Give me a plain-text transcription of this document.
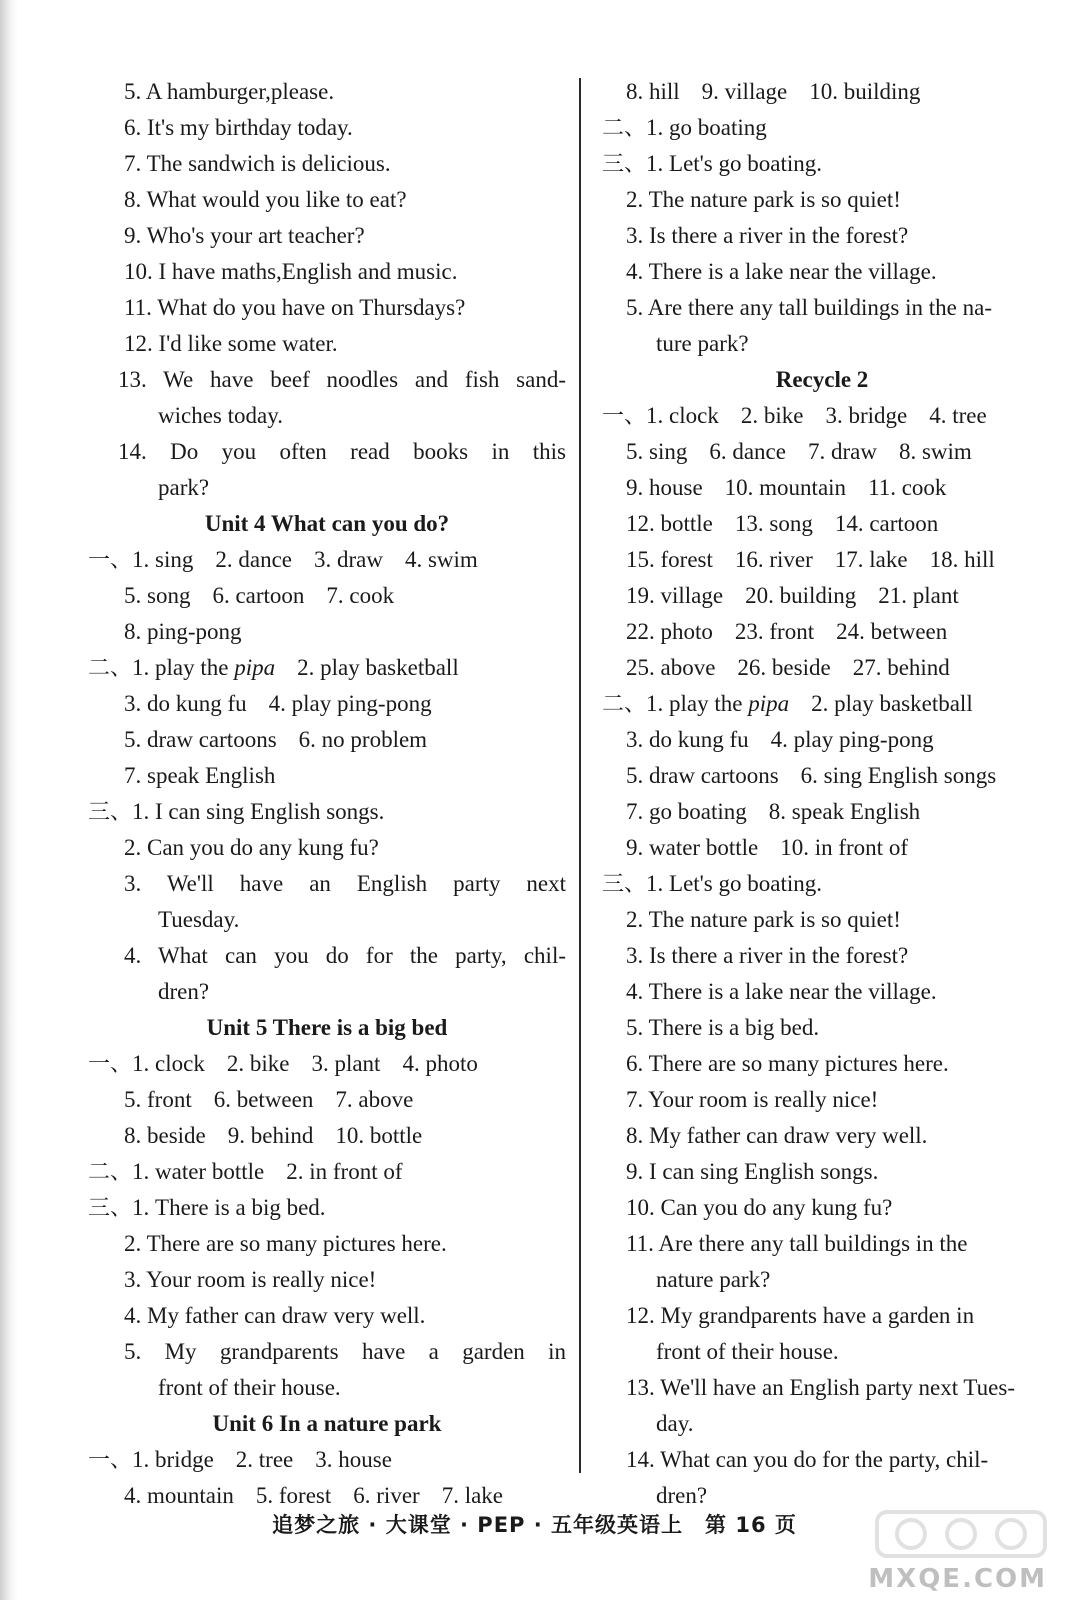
5. A hamburger,please.
6. It's my birthday today.
7. The sandwich is delicious.
8. What would you like to eat?
9. Who's your art teacher?
10. I have maths,English and music.
11. What do you have on Thursdays?
12. I'd like some water.
13. We have beef noodles and fish sand-
wiches today.
14. Do you often read books in this
park?
Unit 4 What can you do?
一、1. sing 2. dance 3. draw 4. swim
5. song 6. cartoon 7. cook
8. ping-pong
二、1. play the pipa 2. play basketball
3. do kung fu 4. play ping-pong
5. draw cartoons 6. no problem
7. speak English
三、1. I can sing English songs.
2. Can you do any kung fu?
3. We'll have an English party next
Tuesday.
4. What can you do for the party, chil-
dren?
Unit 5 There is a big bed
一、1. clock 2. bike 3. plant 4. photo
5. front 6. between 7. above
8. beside 9. behind 10. bottle
二、1. water bottle 2. in front of
三、1. There is a big bed.
2. There are so many pictures here.
3. Your room is really nice!
4. My father can draw very well.
5. My grandparents have a garden in
front of their house.
Unit 6 In a nature park
一、1. bridge 2. tree 3. house
4. mountain 5. forest 6. river 7. lake
8. hill 9. village 10. building
二、1. go boating
三、1. Let's go boating.
2. The nature park is so quiet!
3. Is there a river in the forest?
4. There is a lake near the village.
5. Are there any tall buildings in the na-
ture park?
Recycle 2
一、1. clock 2. bike 3. bridge 4. tree
5. sing 6. dance 7. draw 8. swim
9. house 10. mountain 11. cook
12. bottle 13. song 14. cartoon
15. forest 16. river 17. lake 18. hill
19. village 20. building 21. plant
22. photo 23. front 24. between
25. above 26. beside 27. behind
二、1. play the pipa 2. play basketball
3. do kung fu 4. play ping-pong
5. draw cartoons 6. sing English songs
7. go boating 8. speak English
9. water bottle 10. in front of
三、1. Let's go boating.
2. The nature park is so quiet!
3. Is there a river in the forest?
4. There is a lake near the village.
5. There is a big bed.
6. There are so many pictures here.
7. Your room is really nice!
8. My father can draw very well.
9. I can sing English songs.
10. Can you do any kung fu?
11. Are there any tall buildings in the
nature park?
12. My grandparents have a garden in
front of their house.
13. We'll have an English party next Tues-
day.
14. What can you do for the party, chil-
dren?
追梦之旅 · 大课堂 · PEP · 五年级英语上　第 16 页
MXQE.COM
